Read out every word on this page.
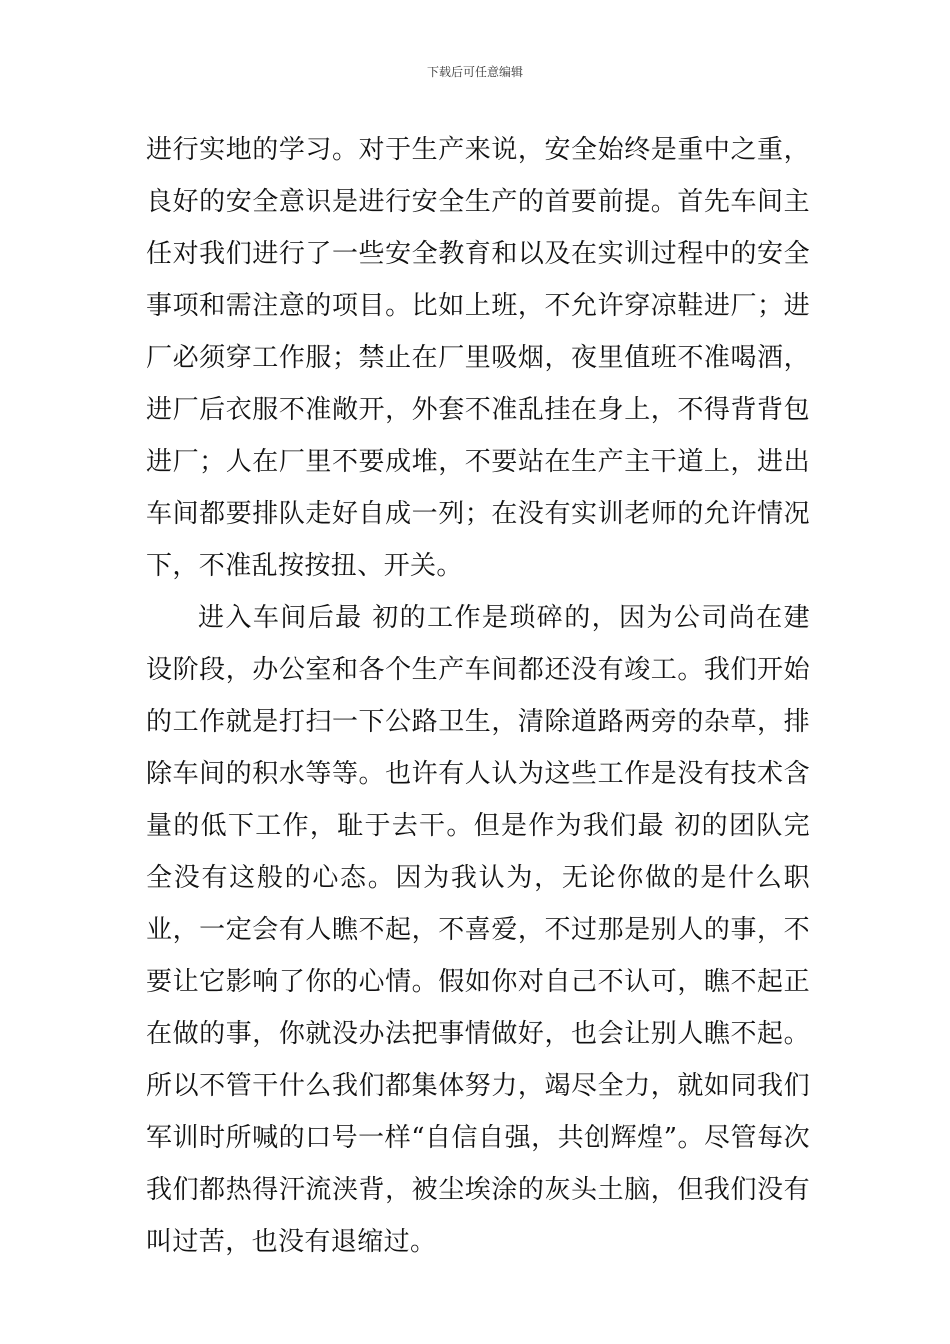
下载后可任意编辑

进行实地的学习。对于生产来说，安全始终是重中之重，良好的安全意识是进行安全生产的首要前提。首先车间主任对我们进行了一些安全教育和以及在实训过程中的安全事项和需注意的项目。比如上班，不允许穿凉鞋进厂；进厂必须穿工作服；禁止在厂里吸烟，夜里值班不准喝酒，进厂后衣服不准敞开，外套不准乱挂在身上，不得背背包进厂；人在厂里不要成堆，不要站在生产主干道上，进出车间都要排队走好自成一列；在没有实训老师的允许情况下，不准乱按按扭、开关。

进入车间后最 初的工作是琐碎的，因为公司尚在建设阶段，办公室和各个生产车间都还没有竣工。我们开始的工作就是打扫一下公路卫生，清除道路两旁的杂草，排除车间的积水等等。也许有人认为这些工作是没有技术含量的低下工作，耻于去干。但是作为我们最 初的团队完全没有这般的心态。因为我认为，无论你做的是什么职业，一定会有人瞧不起，不喜爱，不过那是别人的事，不要让它影响了你的心情。假如你对自己不认可，瞧不起正在做的事，你就没办法把事情做好，也会让别人瞧不起。所以不管干什么我们都集体努力，竭尽全力，就如同我们军训时所喊的口号一样“自信自强，共创辉煌”。尽管每次我们都热得汗流浃背，被尘埃涂的灰头土脑，但我们没有叫过苦，也没有退缩过。
